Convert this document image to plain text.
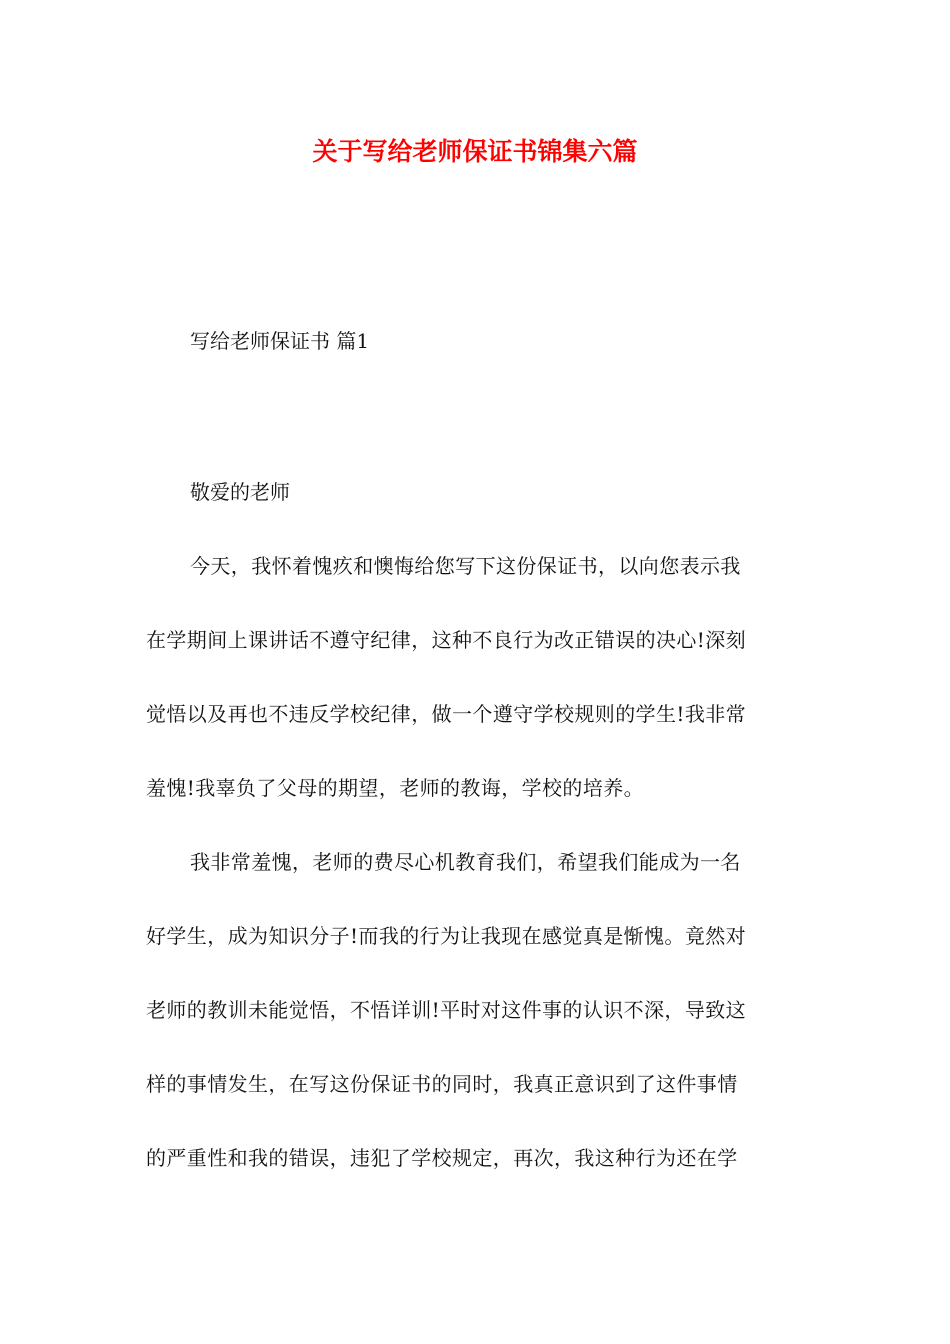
关于写给老师保证书锦集六篇
写给老师保证书 篇1
敬爱的老师
今天，我怀着愧疚和懊悔给您写下这份保证书，以向您表示我
在学期间上课讲话不遵守纪律，这种不良行为改正错误的决心!深刻
觉悟以及再也不违反学校纪律，做一个遵守学校规则的学生!我非常
羞愧!我辜负了父母的期望，老师的教诲，学校的培养。
我非常羞愧，老师的费尽心机教育我们，希望我们能成为一名
好学生，成为知识分子!而我的行为让我现在感觉真是惭愧。竟然对
老师的教训未能觉悟，不悟详训!平时对这件事的认识不深，导致这
样的事情发生，在写这份保证书的同时，我真正意识到了这件事情
的严重性和我的错误，违犯了学校规定，再次，我这种行为还在学
